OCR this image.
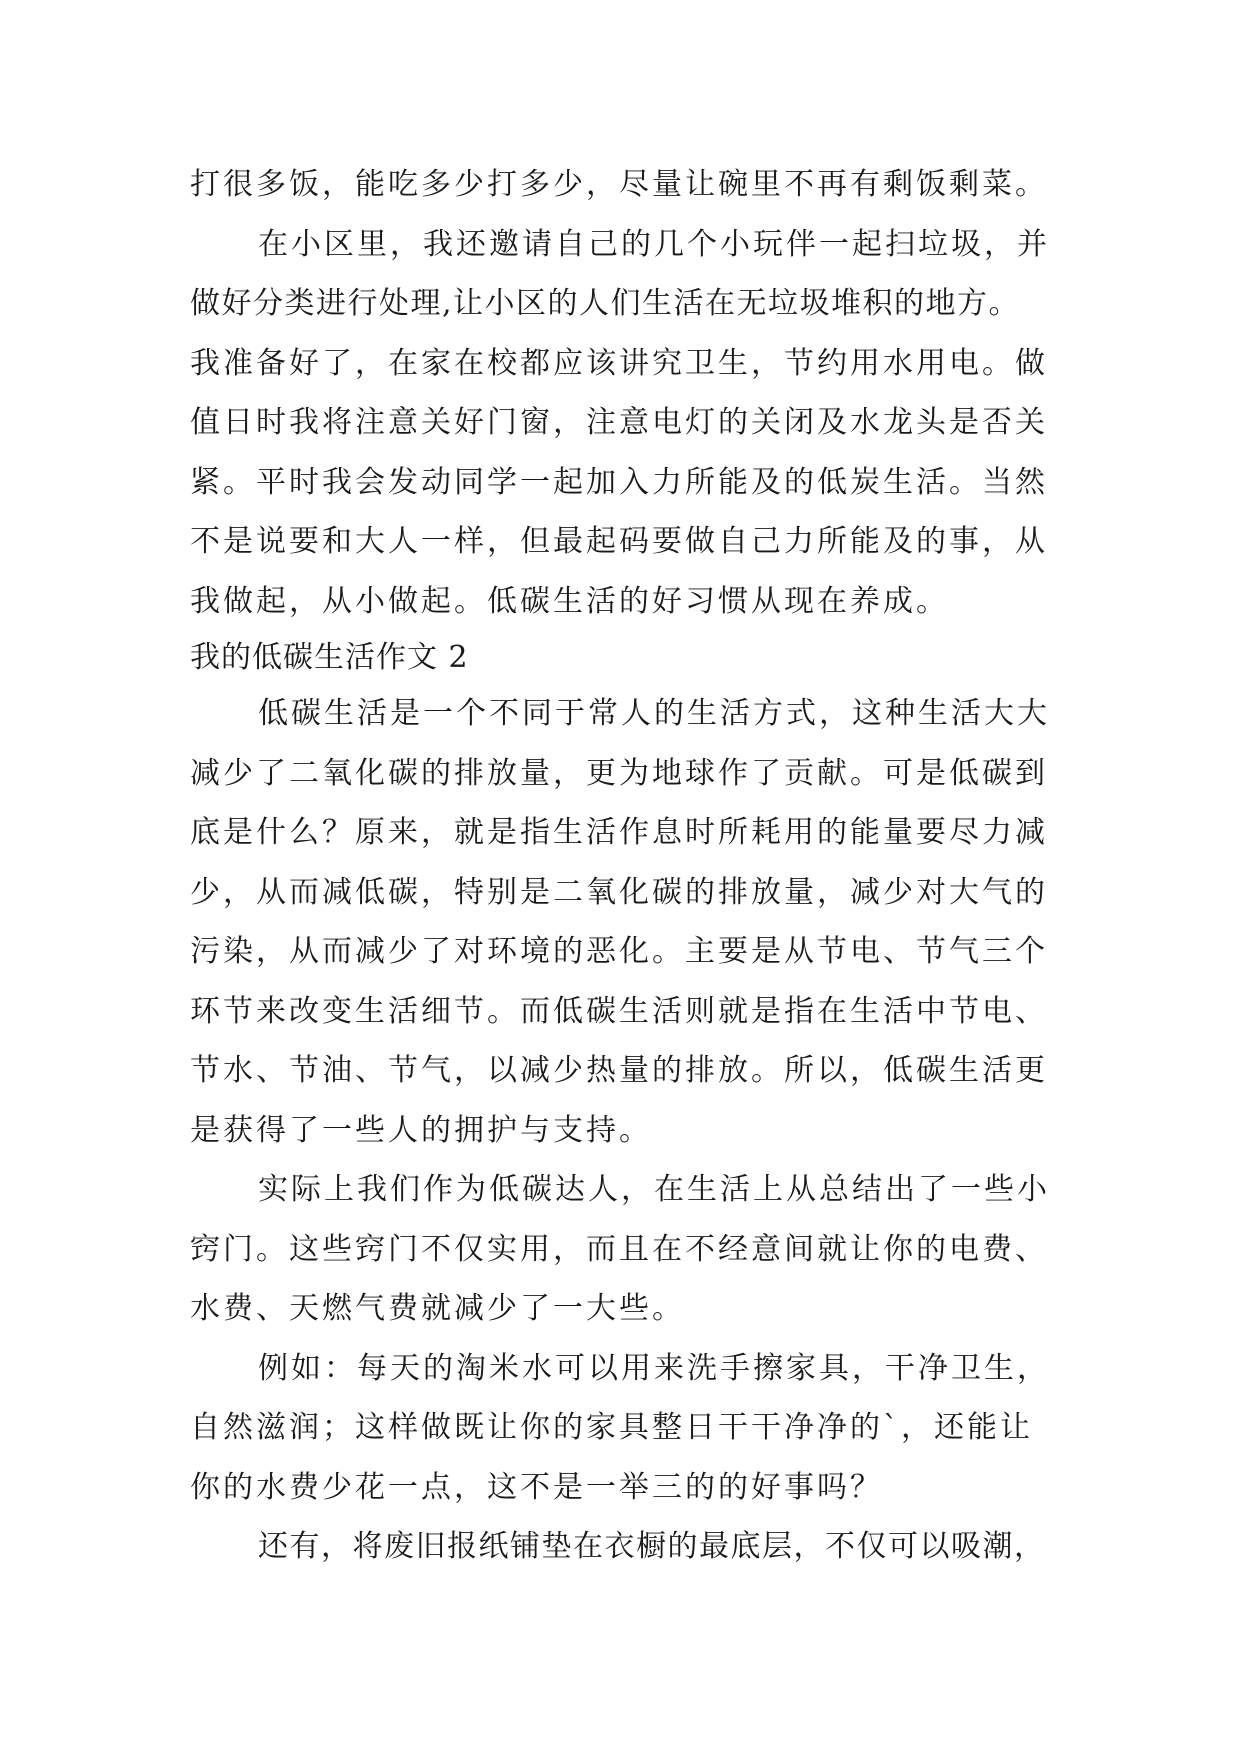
打很多饭，能吃多少打多少，尽量让碗里不再有剩饭剩菜。
在小区里，我还邀请自己的几个小玩伴一起扫垃圾，并
做好分类进行处理,让小区的人们生活在无垃圾堆积的地方。
我准备好了，在家在校都应该讲究卫生，节约用水用电。做
值日时我将注意关好门窗，注意电灯的关闭及水龙头是否关
紧。平时我会发动同学一起加入力所能及的低炭生活。当然
不是说要和大人一样，但最起码要做自己力所能及的事，从
我做起，从小做起。低碳生活的好习惯从现在养成。
我的低碳生活作文 2
低碳生活是一个不同于常人的生活方式，这种生活大大
减少了二氧化碳的排放量，更为地球作了贡献。可是低碳到
底是什么？原来，就是指生活作息时所耗用的能量要尽力减
少，从而减低碳，特别是二氧化碳的排放量，减少对大气的
污染，从而减少了对环境的恶化。主要是从节电、节气三个
环节来改变生活细节。而低碳生活则就是指在生活中节电、
节水、节油、节气，以减少热量的排放。所以，低碳生活更
是获得了一些人的拥护与支持。
实际上我们作为低碳达人，在生活上从总结出了一些小
窍门。这些窍门不仅实用，而且在不经意间就让你的电费、
水费、天燃气费就减少了一大些。
例如：每天的淘米水可以用来洗手擦家具，干净卫生，
自然滋润；这样做既让你的家具整日干干净净的`，还能让
你的水费少花一点，这不是一举三的的好事吗？
还有，将废旧报纸铺垫在衣橱的最底层，不仅可以吸潮，
